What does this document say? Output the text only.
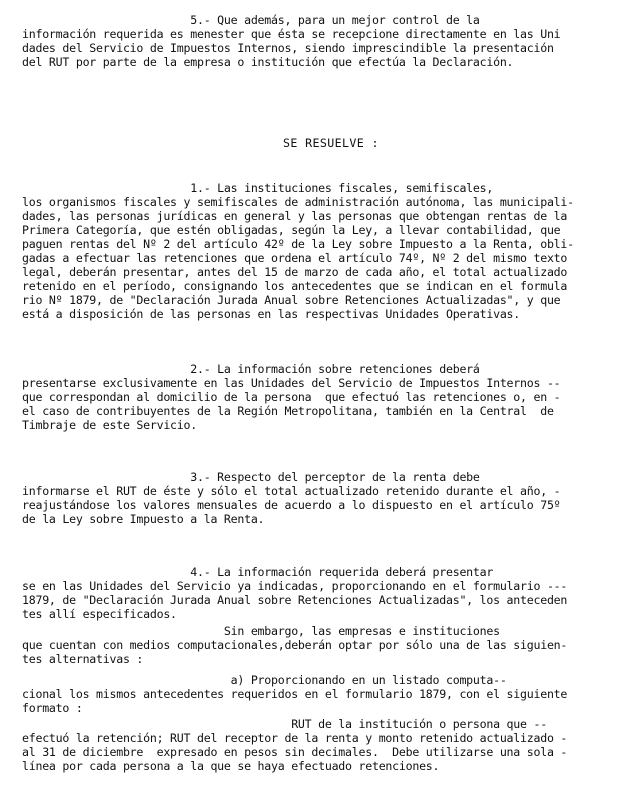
5.- Que además, para un mejor control de la
información requerida es menester que ésta se recepcione directamente en las Uni
dades del Servicio de Impuestos Internos, siendo imprescindible la presentación
del RUT por parte de la empresa o institución que efectúa la Declaración.
SE RESUELVE :
1.- Las instituciones fiscales, semifiscales,
los organismos fiscales y semifiscales de administración autónoma, las municipali-
dades, las personas jurídicas en general y las personas que obtengan rentas de la
Primera Categoría, que estén obligadas, según la Ley, a llevar contabilidad, que
paguen rentas del Nº 2 del artículo 42º de la Ley sobre Impuesto a la Renta, obli-
gadas a efectuar las retenciones que ordena el artículo 74º, Nº 2 del mismo texto
legal, deberán presentar, antes del 15 de marzo de cada año, el total actualizado
retenido en el período, consignando los antecedentes que se indican en el formula
rio Nº 1879, de "Declaración Jurada Anual sobre Retenciones Actualizadas", y que
está a disposición de las personas en las respectivas Unidades Operativas.
2.- La información sobre retenciones deberá
presentarse exclusivamente en las Unidades del Servicio de Impuestos Internos --
que correspondan al domicilio de la persona  que efectuó las retenciones o, en -
el caso de contribuyentes de la Región Metropolitana, también en la Central  de
Timbraje de este Servicio.
3.- Respecto del perceptor de la renta debe
informarse el RUT de éste y sólo el total actualizado retenido durante el año, -
reajustándose los valores mensuales de acuerdo a lo dispuesto en el artículo 75º
de la Ley sobre Impuesto a la Renta.
4.- La información requerida deberá presentar
se en las Unidades del Servicio ya indicadas, proporcionando en el formulario ---
1879, de "Declaración Jurada Anual sobre Retenciones Actualizadas", los anteceden
tes allí especificados.
Sin embargo, las empresas e instituciones
que cuentan con medios computacionales,deberán optar por sólo una de las siguien-
tes alternativas :
a) Proporcionando en un listado computa--
cional los mismos antecedentes requeridos en el formulario 1879, con el siguiente
formato :
RUT de la institución o persona que --
efectuó la retención; RUT del receptor de la renta y monto retenido actualizado -
al 31 de diciembre  expresado en pesos sin decimales.  Debe utilizarse una sola -
línea por cada persona a la que se haya efectuado retenciones.
